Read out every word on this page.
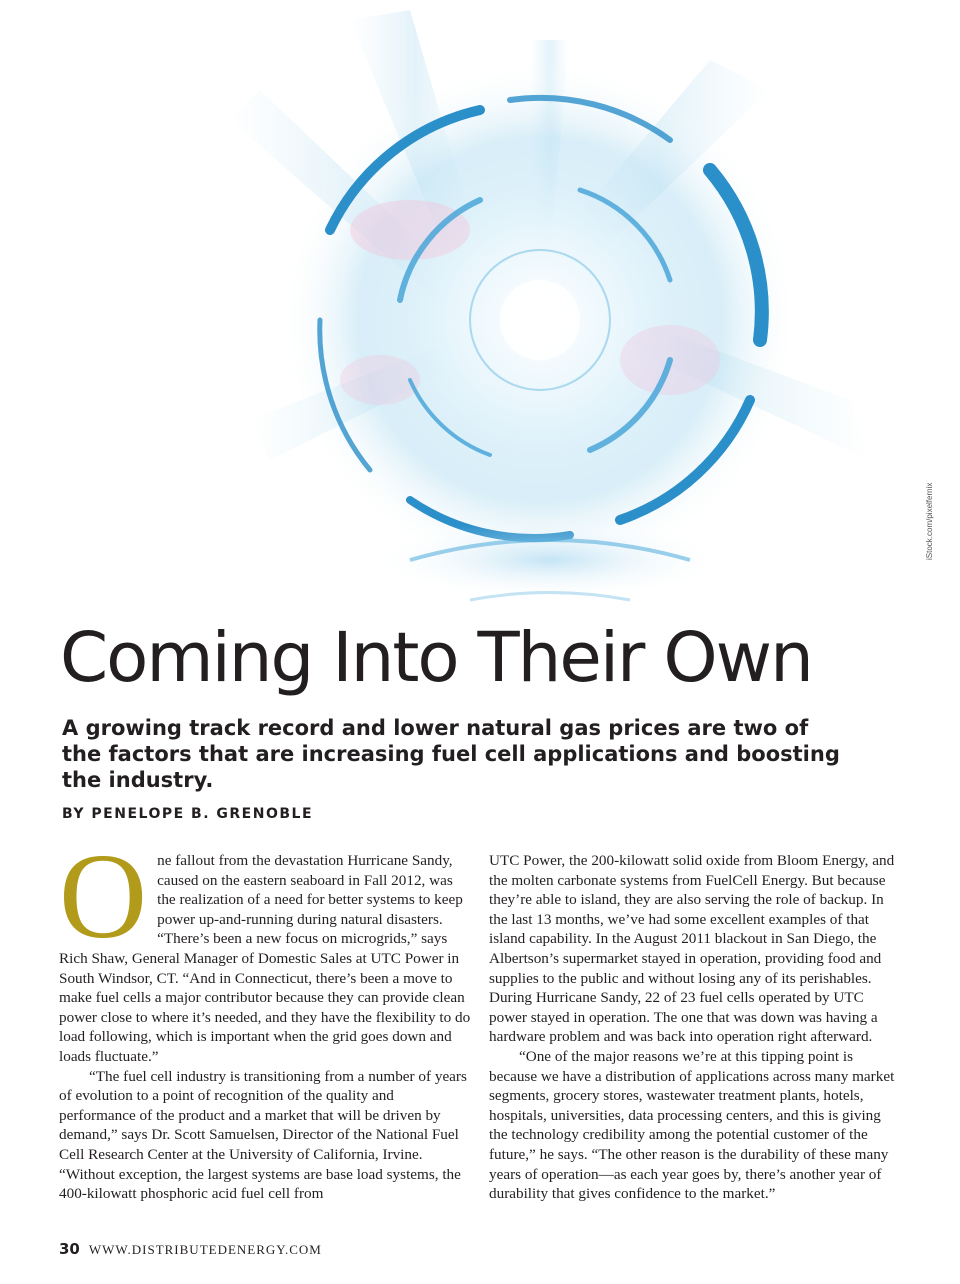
iStock.com/pixelfernix
Coming Into Their Own

A growing track record and lower natural gas prices are two of the factors that are increasing fuel cell applications and boosting the industry.

BY PENELOPE B. GRENOBLE
O ne fallout from the devastation Hurricane Sandy, caused on the eastern seaboard in Fall 2012, was the realization of a need for better systems to keep power up-and-running during natural disasters. “There’s been a new focus on microgrids,” says Rich Shaw, General Manager of Domestic Sales at UTC Power in South Windsor, CT. “And in Connecticut, there’s been a move to make fuel cells a major contributor because they can provide clean power close to where it’s needed, and they have the flexibility to do load following, which is important when the grid goes down and loads fluctuate.”

“The fuel cell industry is transitioning from a number of years of evolution to a point of recognition of the quality and performance of the product and a market that will be driven by demand,” says Dr. Scott Samuelsen, Director of the National Fuel Cell Research Center at the University of California, Irvine. “Without exception, the largest systems are base load systems, the 400-kilowatt phosphoric acid fuel cell from

UTC Power, the 200-kilowatt solid oxide from Bloom Energy, and the molten carbonate systems from FuelCell Energy. But because they’re able to island, they are also serving the role of backup. In the last 13 months, we’ve had some excellent examples of that island capability. In the August 2011 blackout in San Diego, the Albertson’s supermarket stayed in operation, providing food and supplies to the public and without losing any of its perishables. During Hurricane Sandy, 22 of 23 fuel cells operated by UTC power stayed in operation. The one that was down was having a hardware problem and was back into operation right afterward.

“One of the major reasons we’re at this tipping point is because we have a distribution of applications across many market segments, grocery stores, wastewater treatment plants, hotels, hospitals, universities, data processing centers, and this is giving the technology credibility among the potential customer of the future,” he says. “The other reason is the durability of these many years of operation—as each year goes by, there’s another year of durability that gives confidence to the market.”

30 WWW.DISTRIBUTEDENERGY.COM
